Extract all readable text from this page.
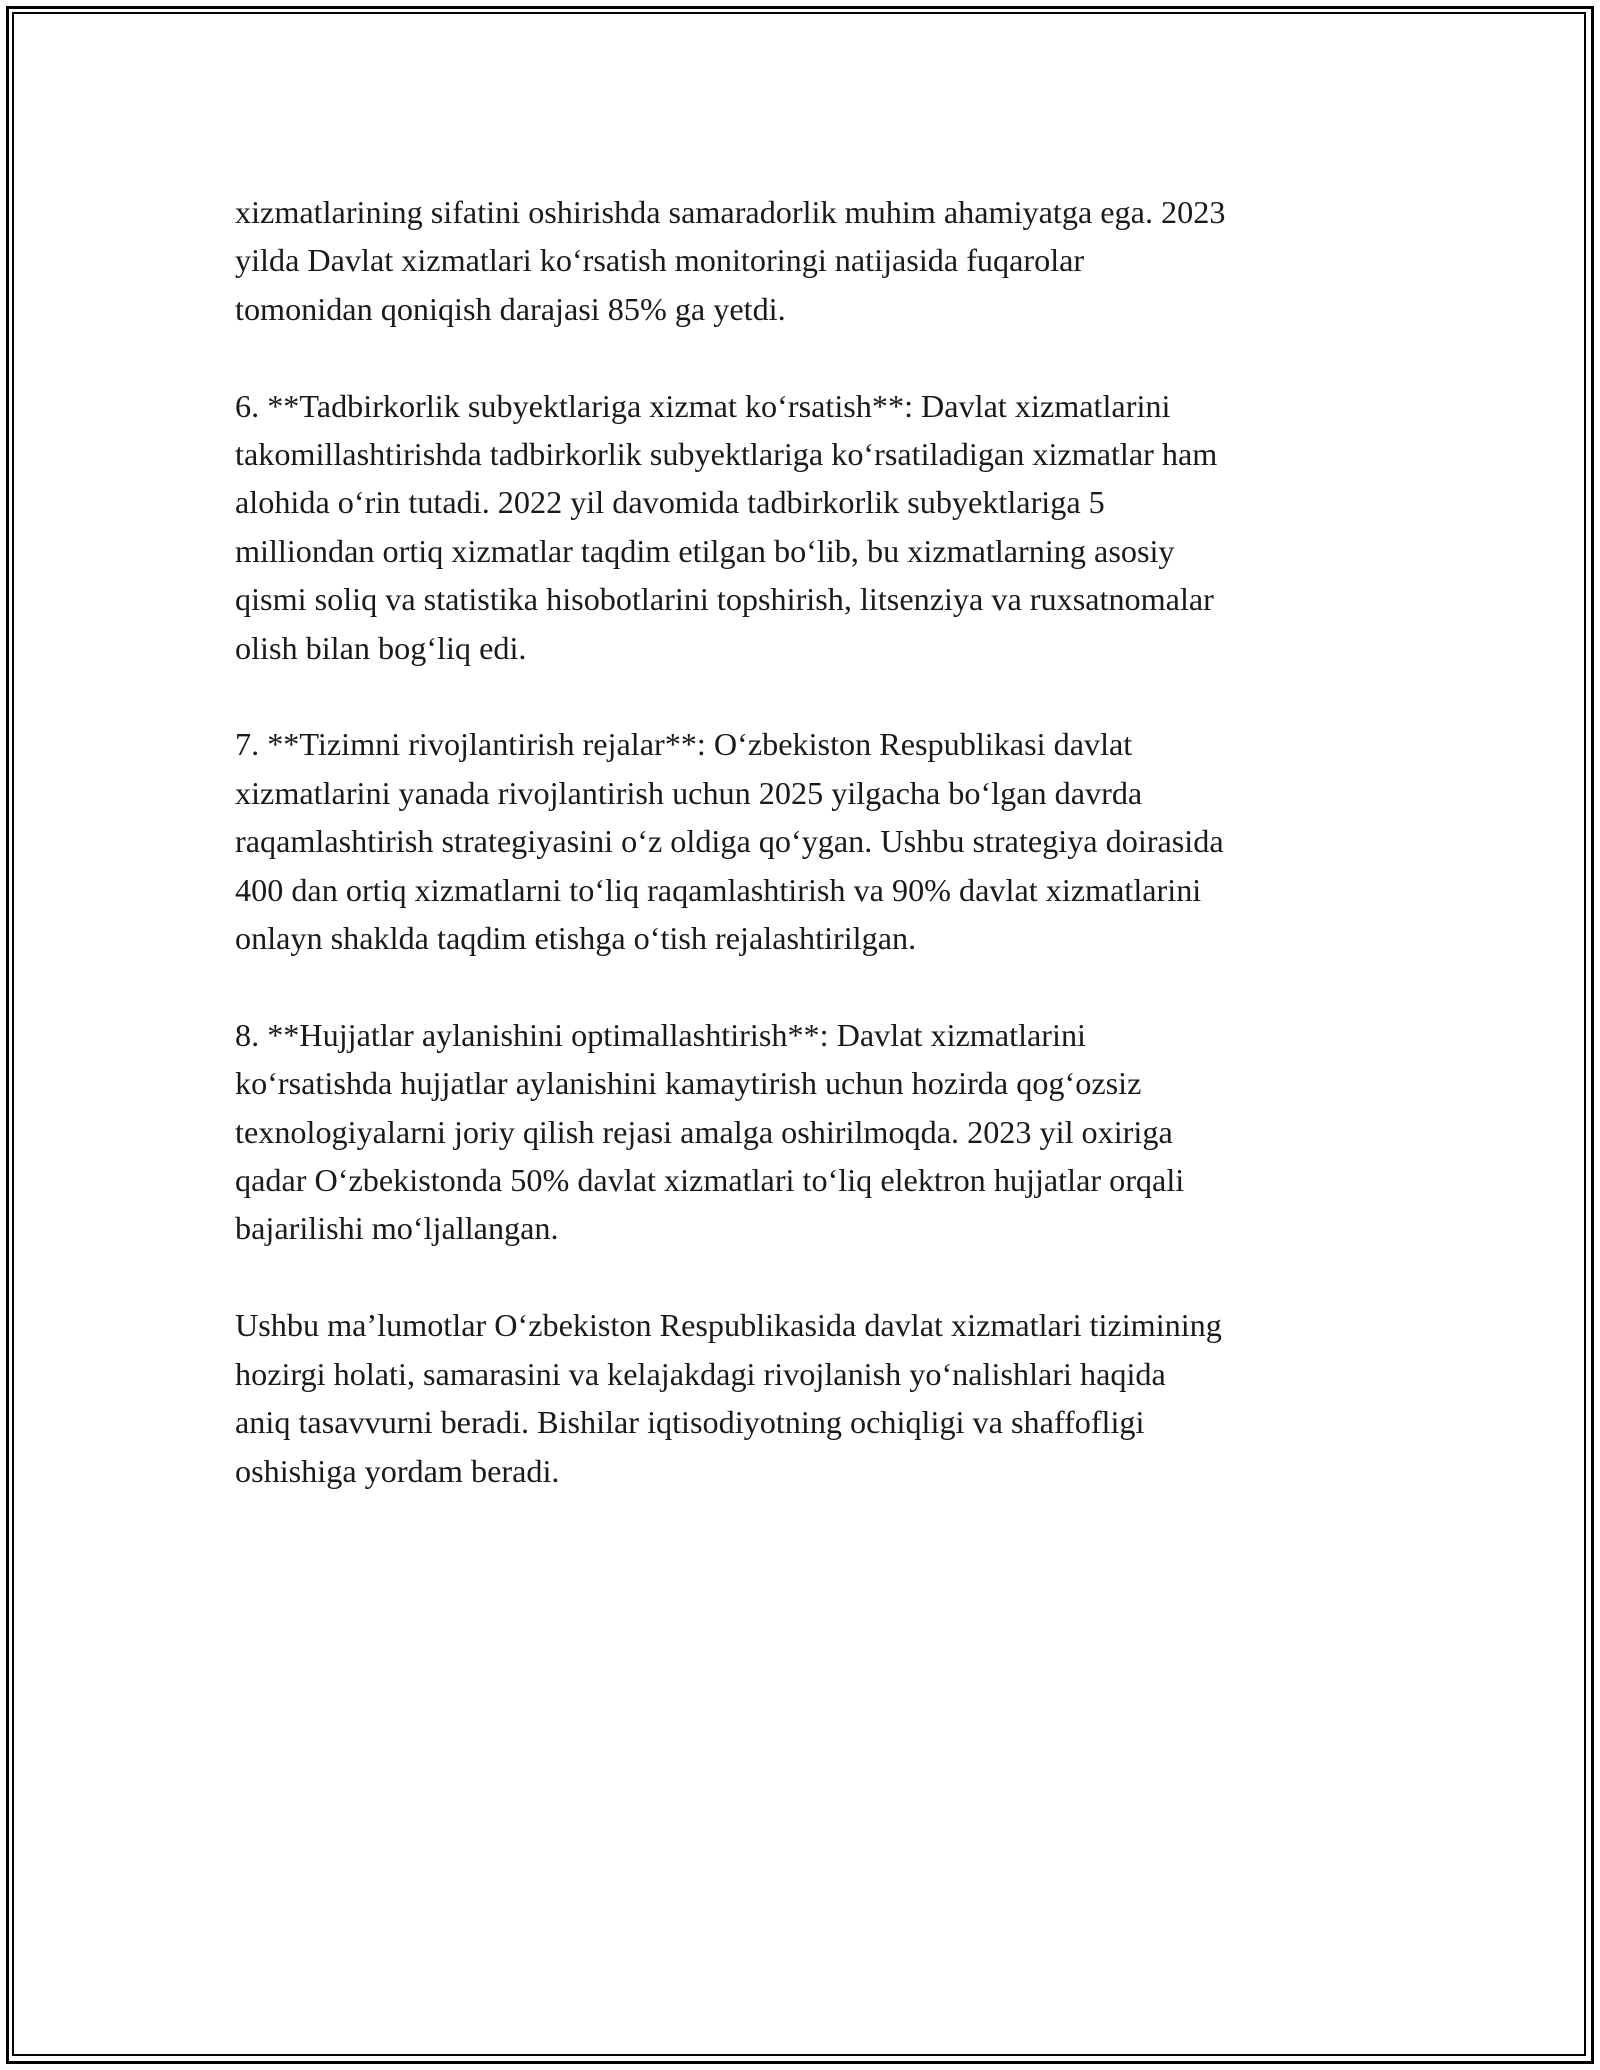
xizmatlarining sifatini oshirishda samaradorlik muhim ahamiyatga ega. 2023
yilda Davlat xizmatlari koʻrsatish monitoringi natijasida fuqarolar
tomonidan qoniqish darajasi 85% ga yetdi.

6. **Tadbirkorlik subyektlariga xizmat koʻrsatish**: Davlat xizmatlarini
takomillashtirishda tadbirkorlik subyektlariga koʻrsatiladigan xizmatlar ham
alohida oʻrin tutadi. 2022 yil davomida tadbirkorlik subyektlariga 5
milliondan ortiq xizmatlar taqdim etilgan boʻlib, bu xizmatlarning asosiy
qismi soliq va statistika hisobotlarini topshirish, litsenziya va ruxsatnomalar
olish bilan bogʻliq edi.

7. **Tizimni rivojlantirish rejalar**: Oʻzbekiston Respublikasi davlat
xizmatlarini yanada rivojlantirish uchun 2025 yilgacha boʻlgan davrda
raqamlashtirish strategiyasini oʻz oldiga qoʻygan. Ushbu strategiya doirasida
400 dan ortiq xizmatlarni toʻliq raqamlashtirish va 90% davlat xizmatlarini
onlayn shaklda taqdim etishga oʻtish rejalashtirilgan.

8. **Hujjatlar aylanishini optimallashtirish**: Davlat xizmatlarini
koʻrsatishda hujjatlar aylanishini kamaytirish uchun hozirda qogʻozsiz
texnologiyalarni joriy qilish rejasi amalga oshirilmoqda. 2023 yil oxiriga
qadar Oʻzbekistonda 50% davlat xizmatlari toʻliq elektron hujjatlar orqali
bajarilishi moʻljallangan.

Ushbu maʼlumotlar Oʻzbekiston Respublikasida davlat xizmatlari tizimining
hozirgi holati, samarasini va kelajakdagi rivojlanish yoʻnalishlari haqida
aniq tasavvurni beradi. Bishilar iqtisodiyotning ochiqligi va shaffofligi
oshishiga yordam beradi.
